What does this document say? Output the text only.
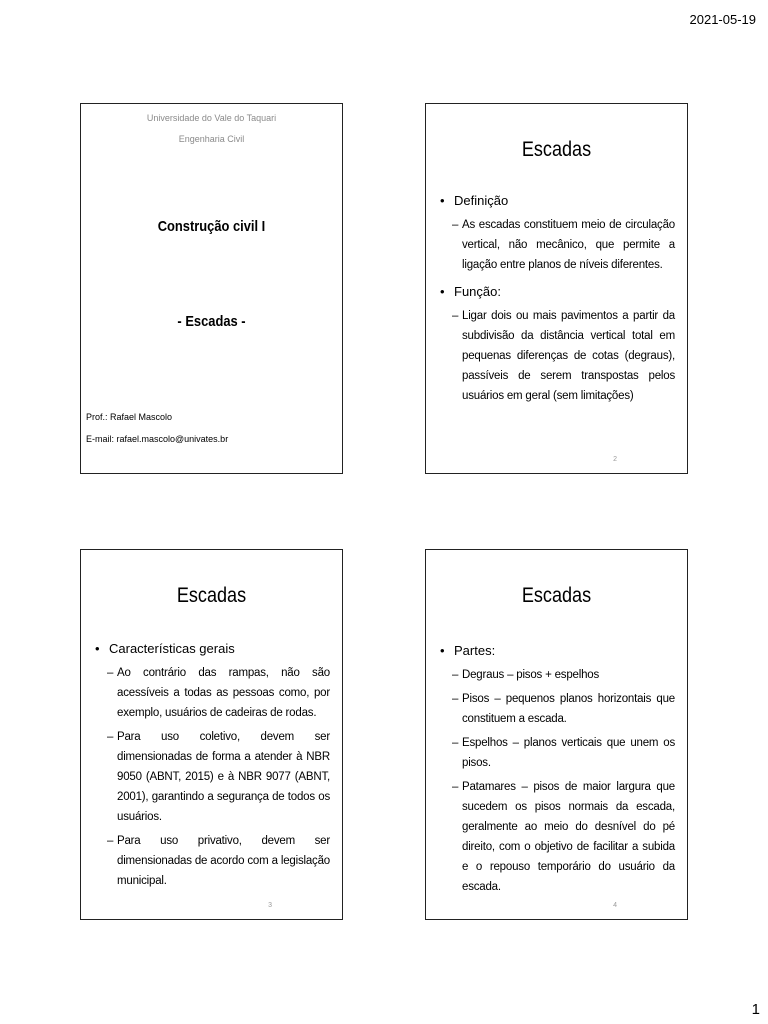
2021-05-19
Universidade do Vale do Taquari
Engenharia Civil
Construção civil I
- Escadas -
Prof.: Rafael Mascolo
E-mail: rafael.mascolo@univates.br
Escadas
• Definição
– As escadas constituem meio de circulação vertical, não mecânico, que permite a ligação entre planos de níveis diferentes.
• Função:
– Ligar dois ou mais pavimentos a partir da subdivisão da distância vertical total em pequenas diferenças de cotas (degraus), passíveis de serem transpostas pelos usuários em geral (sem limitações)
2
Escadas
• Características gerais
– Ao contrário das rampas, não são acessíveis a todas as pessoas como, por exemplo, usuários de cadeiras de rodas.
– Para uso coletivo, devem ser dimensionadas de forma a atender à NBR 9050 (ABNT, 2015) e à NBR 9077 (ABNT, 2001), garantindo a segurança de todos os usuários.
– Para uso privativo, devem ser dimensionadas de acordo com a legislação municipal.
3
Escadas
• Partes:
– Degraus – pisos + espelhos
– Pisos – pequenos planos horizontais que constituem a escada.
– Espelhos – planos verticais que unem os pisos.
– Patamares – pisos de maior largura que sucedem os pisos normais da escada, geralmente ao meio do desnível do pé direito, com o objetivo de facilitar a subida e o repouso temporário do usuário da escada.
4
1
